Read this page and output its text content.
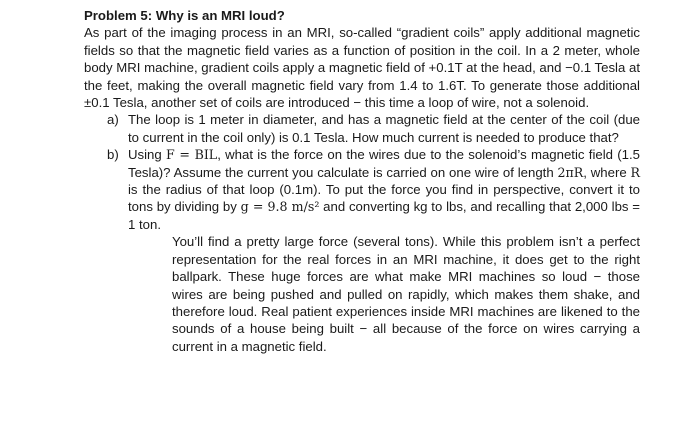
Problem 5: Why is an MRI loud?

As part of the imaging process in an MRI, so-called “gradient coils” apply additional magnetic fields so that the magnetic field varies as a function of position in the coil. In a 2 meter, whole body MRI machine, gradient coils apply a magnetic field of +0.1T at the head, and −0.1 Tesla at the feet, making the overall magnetic field vary from 1.4 to 1.6T. To generate those additional ±0.1 Tesla, another set of coils are introduced − this time a loop of wire, not a solenoid.

a) The loop is 1 meter in diameter, and has a magnetic field at the center of the coil (due to current in the coil only) is 0.1 Tesla. How much current is needed to produce that?
b) Using F = BIL, what is the force on the wires due to the solenoid’s magnetic field (1.5 Tesla)? Assume the current you calculate is carried on one wire of length 2πR, where R is the radius of that loop (0.1m). To put the force you find in perspective, convert it to tons by dividing by g = 9.8 m/s² and converting kg to lbs, and recalling that 2,000 lbs = 1 ton.

You’ll find a pretty large force (several tons). While this problem isn’t a perfect representation for the real forces in an MRI machine, it does get to the right ballpark. These huge forces are what make MRI machines so loud − those wires are being pushed and pulled on rapidly, which makes them shake, and therefore loud. Real patient experiences inside MRI machines are likened to the sounds of a house being built − all because of the force on wires carrying a current in a magnetic field.
